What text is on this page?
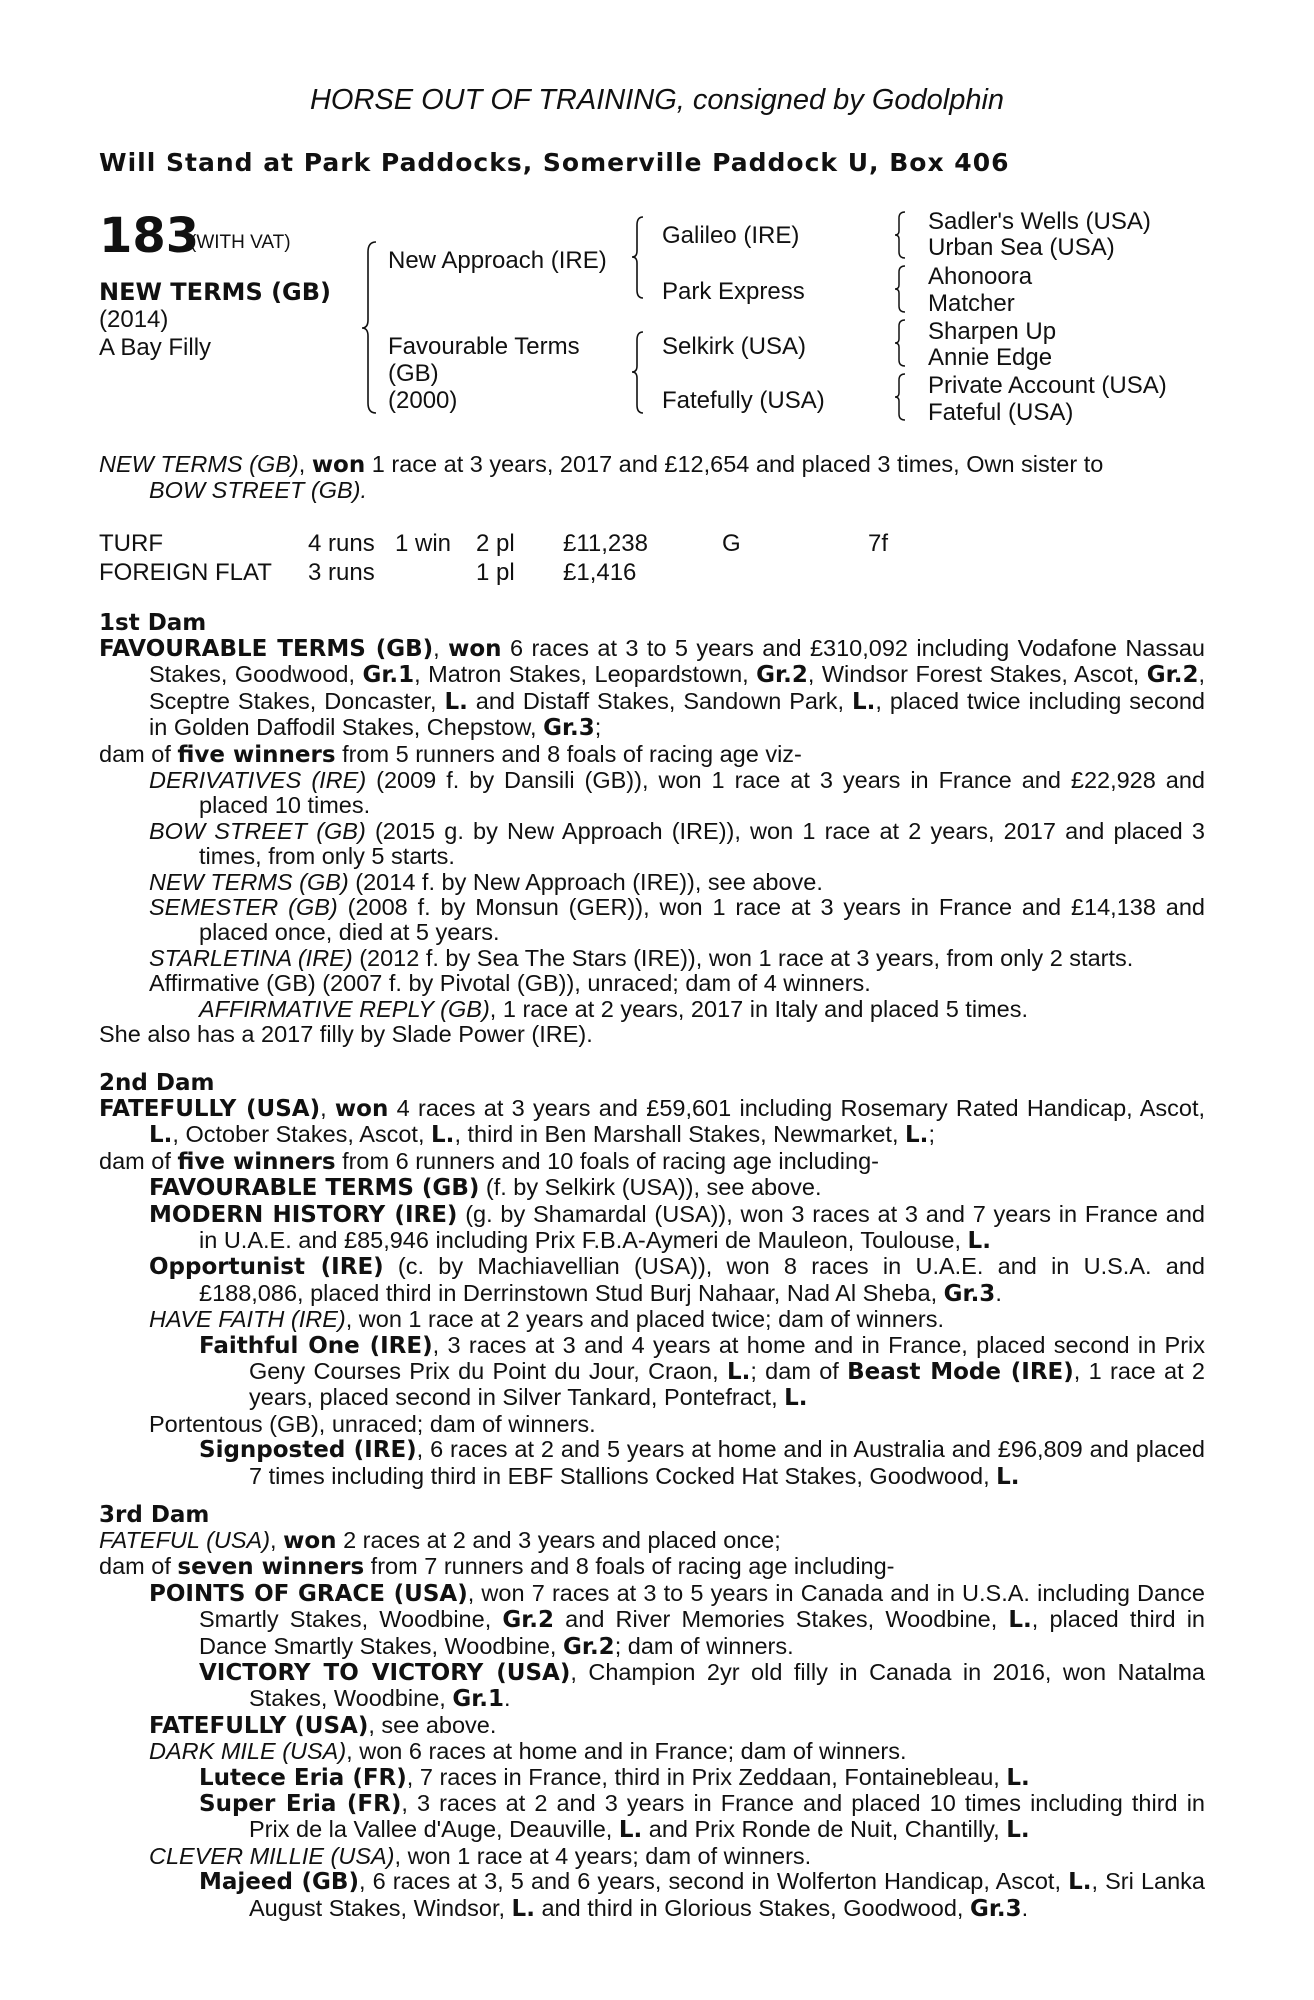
HORSE OUT OF TRAINING, consigned by Godolphin
Will Stand at Park Paddocks, Somerville Paddock U, Box 406
183
(WITH VAT)
NEW TERMS (GB)
(2014)
A Bay Filly
New Approach (IRE)
Favourable Terms
(GB)
(2000)
Galileo (IRE)
Park Express
Selkirk (USA)
Fatefully (USA)
Sadler's Wells (USA)
Urban Sea (USA)
Ahonoora
Matcher
Sharpen Up
Annie Edge
Private Account (USA)
Fateful (USA)

NEW TERMS (GB), won 1 race at 3 years, 2017 and £12,654 and placed 3 times, Own sister to

BOW STREET (GB).

TURF	4 runs 1 win 2 pl £11,238	G	7f
FOREIGN FLAT 3 runs	1 pl £1,416
1st Dam

FAVOURABLE TERMS (GB), won 6 races at 3 to 5 years and £310,092 including Vodafone Nassau Stakes, Goodwood, Gr.1, Matron Stakes, Leopardstown, Gr.2, Windsor Forest Stakes, Ascot, Gr.2, Sceptre Stakes, Doncaster, L. and Distaff Stakes, Sandown Park, L., placed twice including second in Golden Daffodil Stakes, Chepstow, Gr.3;

dam of five winners from 5 runners and 8 foals of racing age viz-

DERIVATIVES (IRE) (2009 f. by Dansili (GB)), won 1 race at 3 years in France and £22,928 and placed 10 times.

BOW STREET (GB) (2015 g. by New Approach (IRE)), won 1 race at 2 years, 2017 and placed 3 times, from only 5 starts.

NEW TERMS (GB) (2014 f. by New Approach (IRE)), see above.

SEMESTER (GB) (2008 f. by Monsun (GER)), won 1 race at 3 years in France and £14,138 and placed once, died at 5 years.

STARLETINA (IRE) (2012 f. by Sea The Stars (IRE)), won 1 race at 3 years, from only 2 starts.

Affirmative (GB) (2007 f. by Pivotal (GB)), unraced; dam of 4 winners.

AFFIRMATIVE REPLY (GB), 1 race at 2 years, 2017 in Italy and placed 5 times.

She also has a 2017 filly by Slade Power (IRE).

2nd Dam

FATEFULLY (USA), won 4 races at 3 years and £59,601 including Rosemary Rated Handicap, Ascot, L., October Stakes, Ascot, L., third in Ben Marshall Stakes, Newmarket, L.;

dam of five winners from 6 runners and 10 foals of racing age including-

FAVOURABLE TERMS (GB) (f. by Selkirk (USA)), see above.

MODERN HISTORY (IRE) (g. by Shamardal (USA)), won 3 races at 3 and 7 years in France and in U.A.E. and £85,946 including Prix F.B.A-Aymeri de Mauleon, Toulouse, L.

Opportunist (IRE) (c. by Machiavellian (USA)), won 8 races in U.A.E. and in U.S.A. and £188,086, placed third in Derrinstown Stud Burj Nahaar, Nad Al Sheba, Gr.3.

HAVE FAITH (IRE), won 1 race at 2 years and placed twice; dam of winners.

Faithful One (IRE), 3 races at 3 and 4 years at home and in France, placed second in Prix Geny Courses Prix du Point du Jour, Craon, L.; dam of Beast Mode (IRE), 1 race at 2 years, placed second in Silver Tankard, Pontefract, L.

Portentous (GB), unraced; dam of winners.

Signposted (IRE), 6 races at 2 and 5 years at home and in Australia and £96,809 and placed 7 times including third in EBF Stallions Cocked Hat Stakes, Goodwood, L.

3rd Dam

FATEFUL (USA), won 2 races at 2 and 3 years and placed once;

dam of seven winners from 7 runners and 8 foals of racing age including-

POINTS OF GRACE (USA), won 7 races at 3 to 5 years in Canada and in U.S.A. including Dance Smartly Stakes, Woodbine, Gr.2 and River Memories Stakes, Woodbine, L., placed third in Dance Smartly Stakes, Woodbine, Gr.2; dam of winners.

VICTORY TO VICTORY (USA), Champion 2yr old filly in Canada in 2016, won Natalma Stakes, Woodbine, Gr.1.

FATEFULLY (USA), see above.

DARK MILE (USA), won 6 races at home and in France; dam of winners.

Lutece Eria (FR), 7 races in France, third in Prix Zeddaan, Fontainebleau, L.

Super Eria (FR), 3 races at 2 and 3 years in France and placed 10 times including third in Prix de la Vallee d'Auge, Deauville, L. and Prix Ronde de Nuit, Chantilly, L.

CLEVER MILLIE (USA), won 1 race at 4 years; dam of winners.

Majeed (GB), 6 races at 3, 5 and 6 years, second in Wolferton Handicap, Ascot, L., Sri Lanka August Stakes, Windsor, L. and third in Glorious Stakes, Goodwood, Gr.3.
